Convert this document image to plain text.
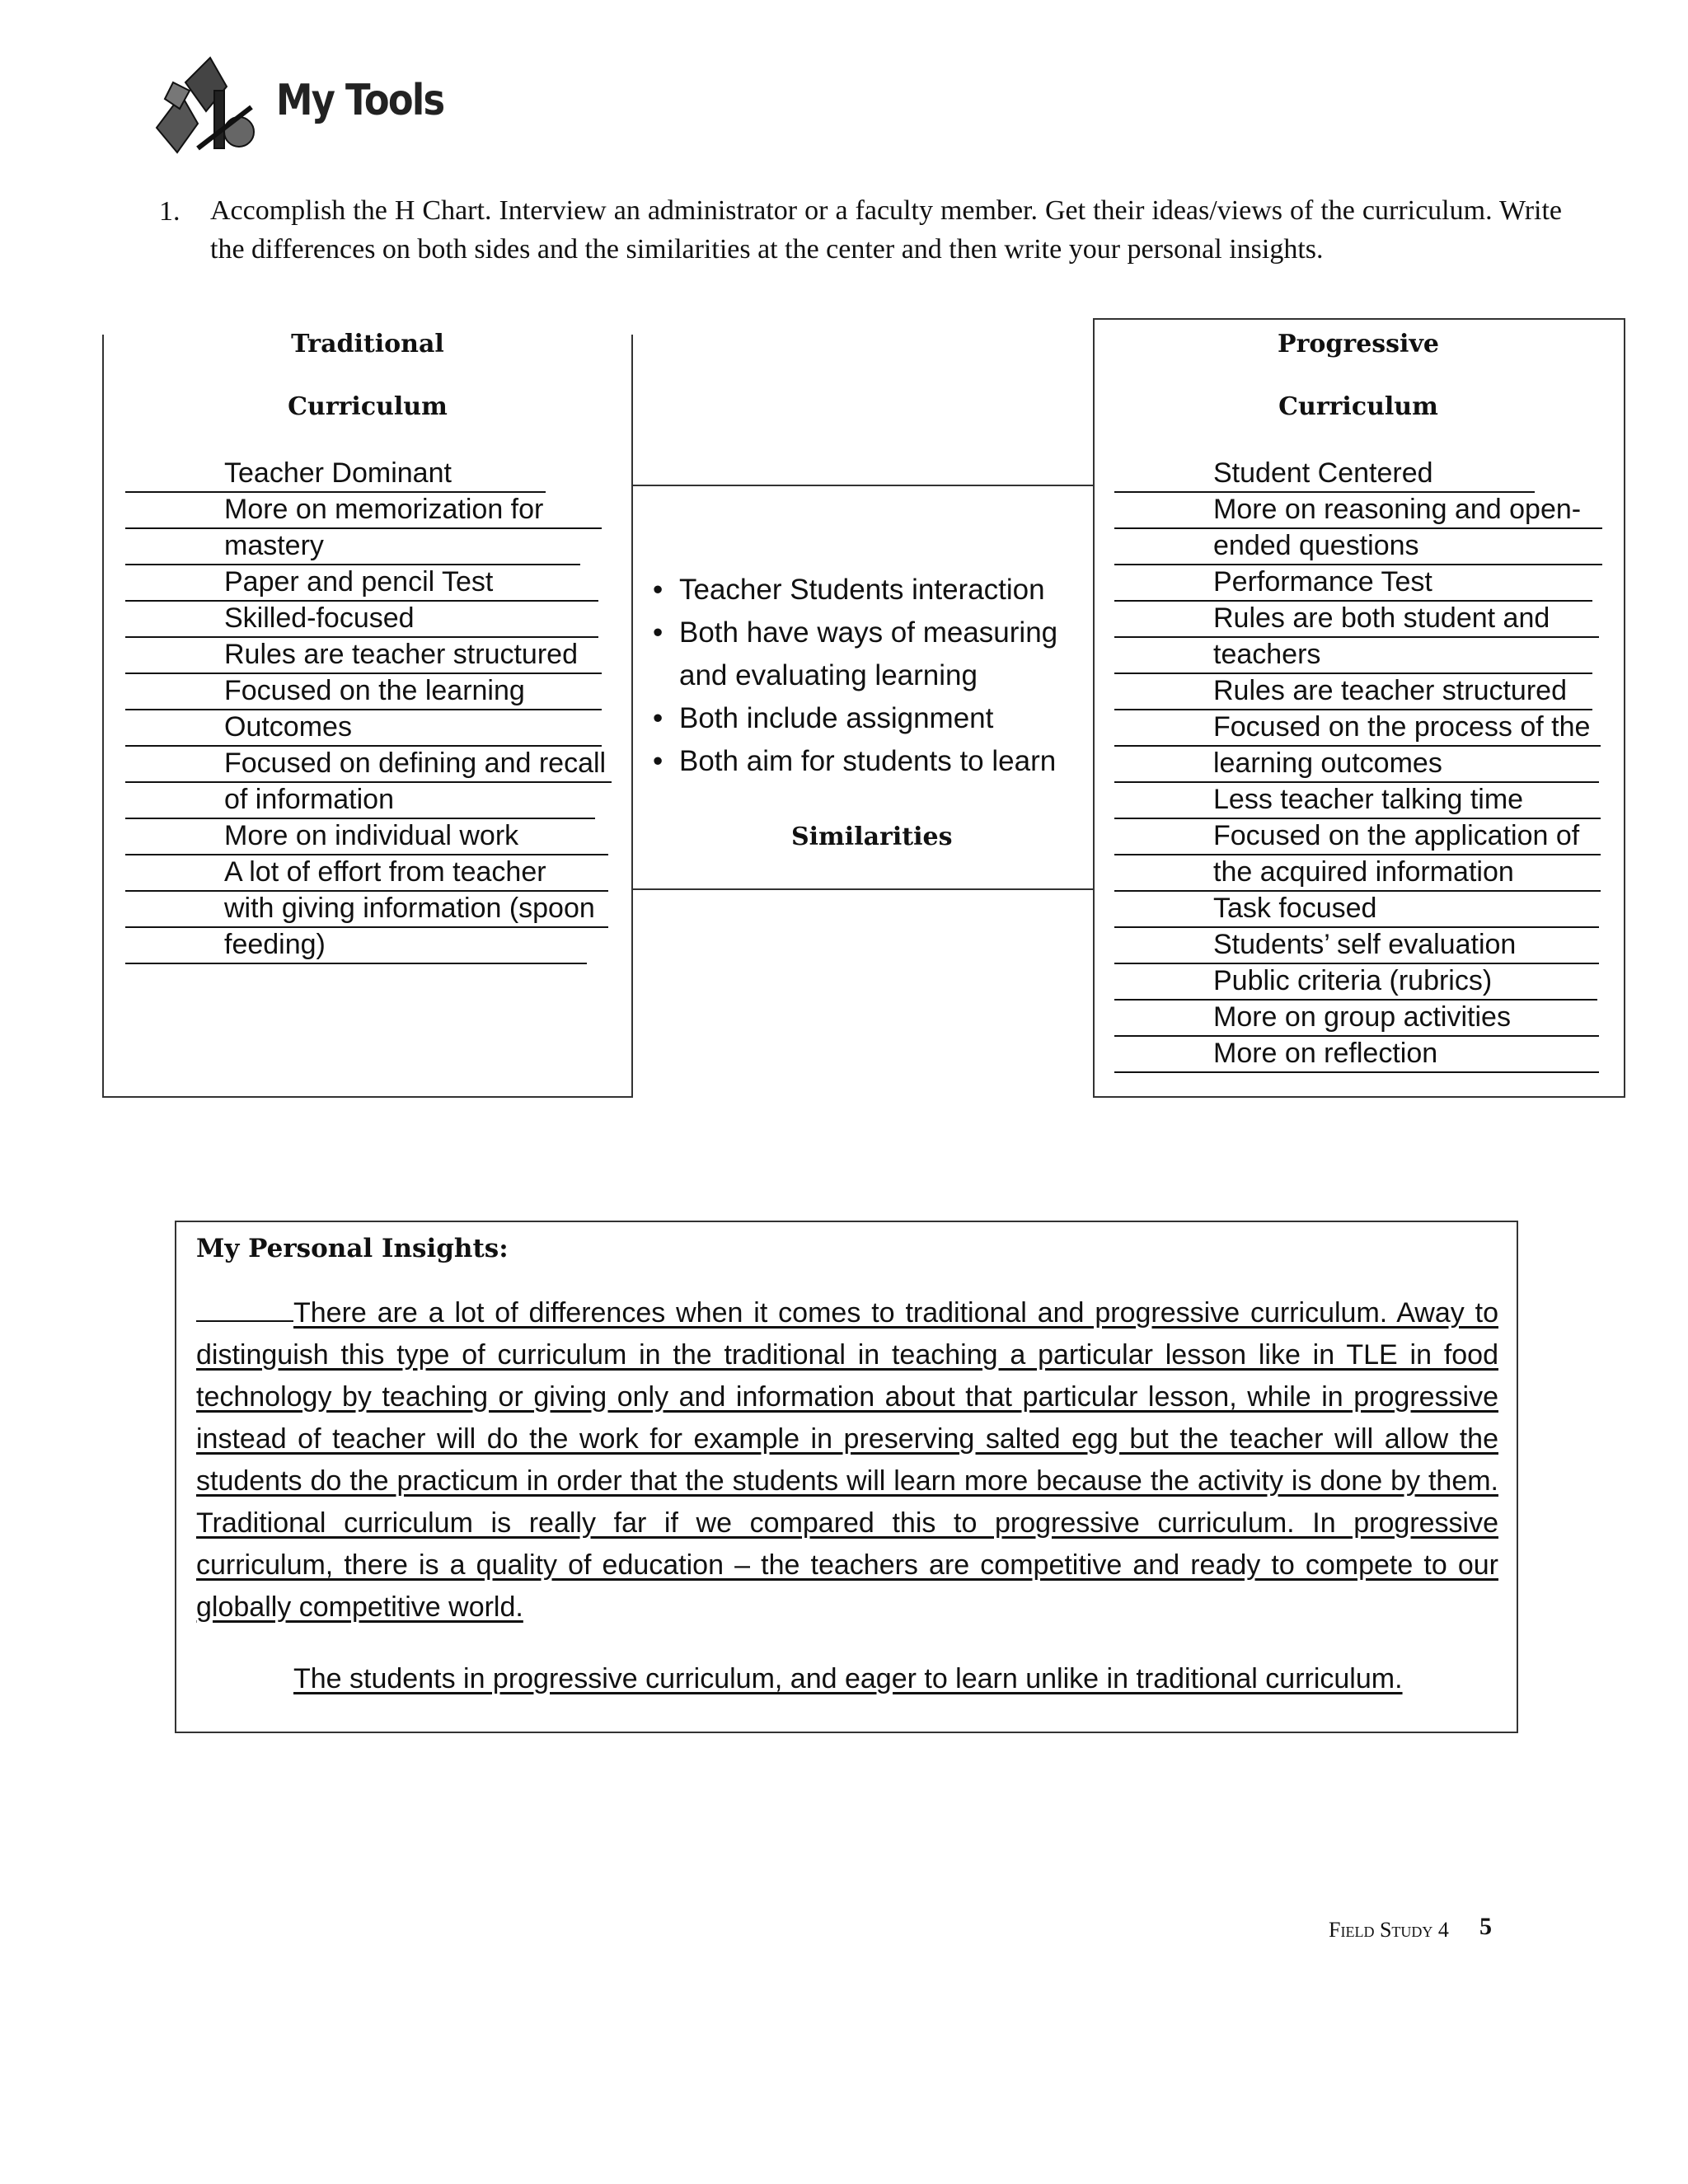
My Tools
1. Accomplish the H Chart. Interview an administrator or a faculty member. Get their ideas/views of the curriculum. Write the differences on both sides and the similarities at the center and then write your personal insights.
Traditional
Curriculum
Teacher Dominant
More on memorization for
mastery
Paper and pencil Test
Skilled-focused
Rules are teacher structured
Focused on the learning
Outcomes
Focused on defining and recall
of information
More on individual work
A lot of effort from teacher
with giving information (spoon
feeding)
• Teacher Students interaction
• Both have ways of measuring and evaluating learning
• Both include assignment
• Both aim for students to learn
Similarities
Progressive
Curriculum
Student Centered
More on reasoning and open-
ended questions
Performance Test
Rules are both student and
teachers
Rules are teacher structured
Focused on the process of the
learning outcomes
Less teacher talking time
Focused on the application of
the acquired information
Task focused
Students’ self evaluation
Public criteria (rubrics)
More on group activities
More on reflection
My Personal Insights:
There are a lot of differences when it comes to traditional and progressive curriculum. Away to distinguish this type of curriculum in the traditional in teaching a particular lesson like in TLE in food technology by teaching or giving only and information about that particular lesson, while in progressive instead of teacher will do the work for example in preserving salted egg but the teacher will allow the students do the practicum in order that the students will learn more because the activity is done by them. Traditional curriculum is really far if we compared this to progressive curriculum. In progressive curriculum, there is a quality of education – the teachers are competitive and ready to compete to our globally competitive world.
The students in progressive curriculum, and eager to learn unlike in traditional curriculum.
Field Study 4 5
